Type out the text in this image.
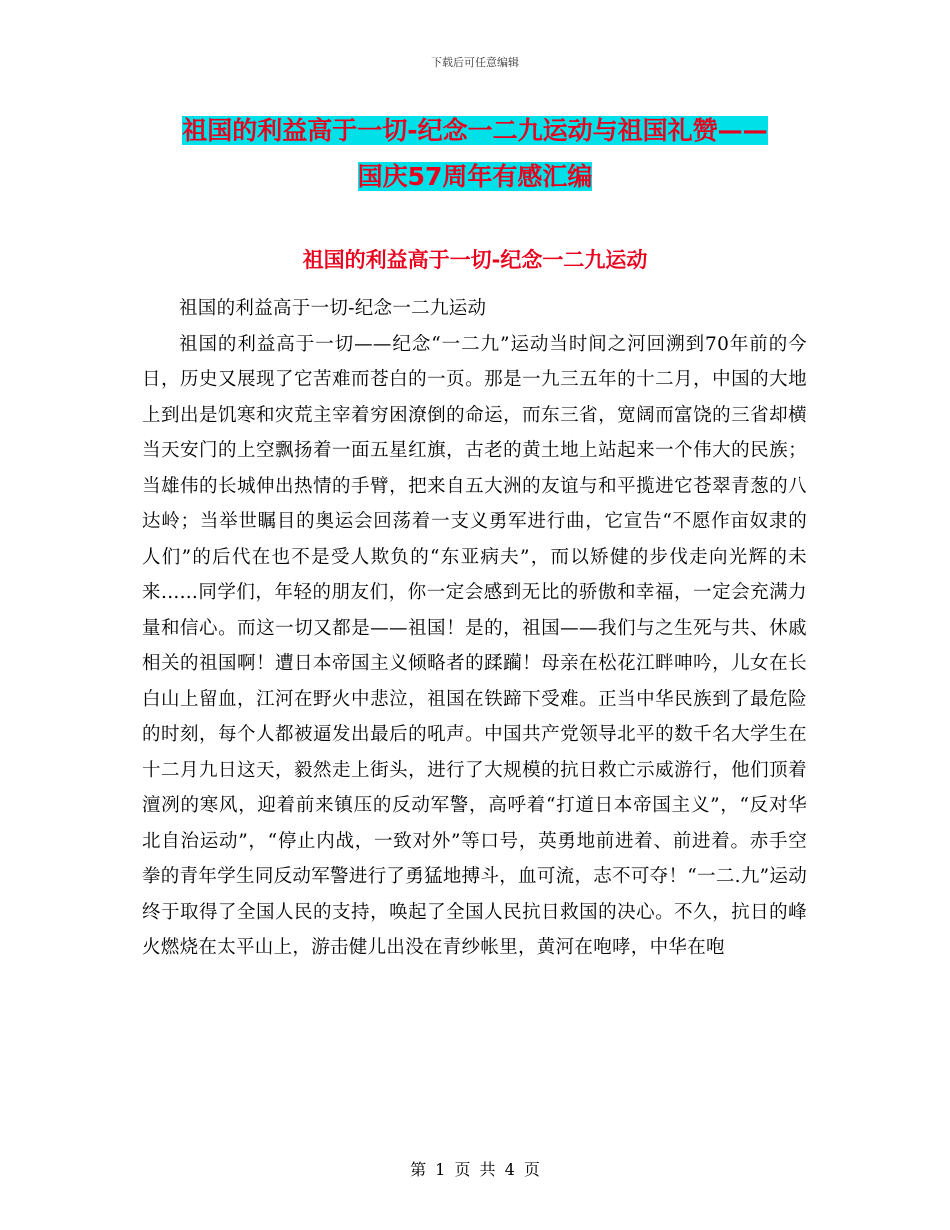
下载后可任意编辑
祖国的利益高于一切-纪念一二九运动与祖国礼赞——
国庆57周年有感汇编
祖国的利益高于一切-纪念一二九运动

祖国的利益高于一切-纪念一二九运动

祖国的利益高于一切——纪念“一二九”运动当时间之河回溯到70年前的今日，历史又展现了它苦难而苍白的一页。那是一九三五年的十二月，中国的大地上到出是饥寒和灾荒主宰着穷困潦倒的命运，而东三省，宽阔而富饶的三省却横当天安门的上空飘扬着一面五星红旗，古老的黄土地上站起来一个伟大的民族；当雄伟的长城伸出热情的手臂，把来自五大洲的友谊与和平揽进它苍翠青葱的八达岭；当举世瞩目的奥运会回荡着一支义勇军进行曲，它宣告“不愿作亩奴隶的人们”的后代在也不是受人欺负的“东亚病夫”，而以矫健的步伐走向光辉的未来......同学们，年轻的朋友们，你一定会感到无比的骄傲和幸福，一定会充满力量和信心。而这一切又都是——祖国！是的，祖国——我们与之生死与共、休戚相关的祖国啊！遭日本帝国主义倾略者的蹂躏！母亲在松花江畔呻吟，儿女在长白山上留血，江河在野火中悲泣，祖国在铁蹄下受难。正当中华民族到了最危险的时刻，每个人都被逼发出最后的吼声。中国共产党领导北平的数千名大学生在十二月九日这天，毅然走上街头，进行了大规模的抗日救亡示威游行，他们顶着澶冽的寒风，迎着前来镇压的反动军警，高呼着“打道日本帝国主义”，“反对华北自治运动”，“停止内战，一致对外”等口号，英勇地前进着、前进着。赤手空拳的青年学生同反动军警进行了勇猛地搏斗，血可流，志不可夺！“一二.九”运动终于取得了全国人民的支持，唤起了全国人民抗日救国的决心。不久，抗日的峰火燃烧在太平山上，游击健儿出没在青纱帐里，黄河在咆哮，中华在咆

第 1 页 共 4 页
